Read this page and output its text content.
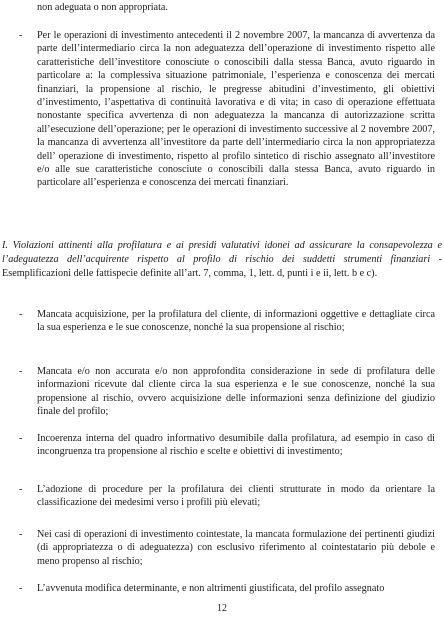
non adeguata o non appropriata.

-	Per le operazioni di investimento antecedenti il 2 novembre 2007, la mancanza di avvertenza da parte dell’intermediario circa la non adeguatezza dell’operazione di investimento rispetto alle caratteristiche dell’investitore conosciute o conoscibili dalla stessa Banca, avuto riguardo in particolare a: la complessiva situazione patrimoniale, l’esperienza e conoscenza dei mercati finanziari, la propensione al rischio, le pregresse abitudini d’investimento, gli obiettivi d’investimento, l’aspettativa di continuità lavorativa e di vita; in caso di operazione effettuata nonostante specifica avvertenza di non adeguatezza la mancanza di autorizzazione scritta all’esecuzione dell’operazione; per le operazioni di investimento successive al 2 novembre 2007, la mancanza di avvertenza all’investitore da parte dell’intermediario circa la non appropriatezza dell’ operazione di investimento, rispetto al profilo sintetico di rischio assegnato all’investitore e/o alle sue caratteristiche conosciute o conoscibili dalla stessa Banca, avuto riguardo in particolare all’esperienza e conoscenza dei mercati finanziari.

I. Violazioni attinenti alla profilatura e ai presidi valutativi idonei ad assicurare la consapevolezza e l’adeguatezza dell’acquirente rispetto al profilo di rischio dei suddetti strumenti finanziari - Esemplificazioni delle fattispecie definite all’art. 7, comma, 1, lett. d, punti i e ii, lett. b e c).

-	Mancata acquisizione, per la profilatura del cliente, di informazioni oggettive e dettagliate circa la sua esperienza e le sue conoscenze, nonché la sua propensione al rischio;

-	Mancata e/o non accurata e/o non approfondita considerazione in sede di profilatura delle informazioni ricevute dal cliente circa la sua esperienza e le sue conoscenze, nonché la sua propensione al rischio, ovvero acquisizione delle informazioni senza definizione del giudizio finale del profilo;

-	Incoerenza interna del quadro informativo desumibile dalla profilatura, ad esempio in caso di incongruenza tra propensione al rischio e scelte e obiettivi di investimento;

-	L’adozione di procedure per la profilatura dei clienti strutturate in modo da orientare la classificazione dei medesimi verso i profili più elevati;

-	Nei casi di operazioni di investimento cointestate, la mancata formulazione dei pertinenti giudizi (di appropriatezza o di adeguatezza) con esclusivo riferimento al cointestatario più debole e meno propenso al rischio;

-	L’avvenuta modifica determinante, e non altrimenti giustificata, del profilo assegnato

12
